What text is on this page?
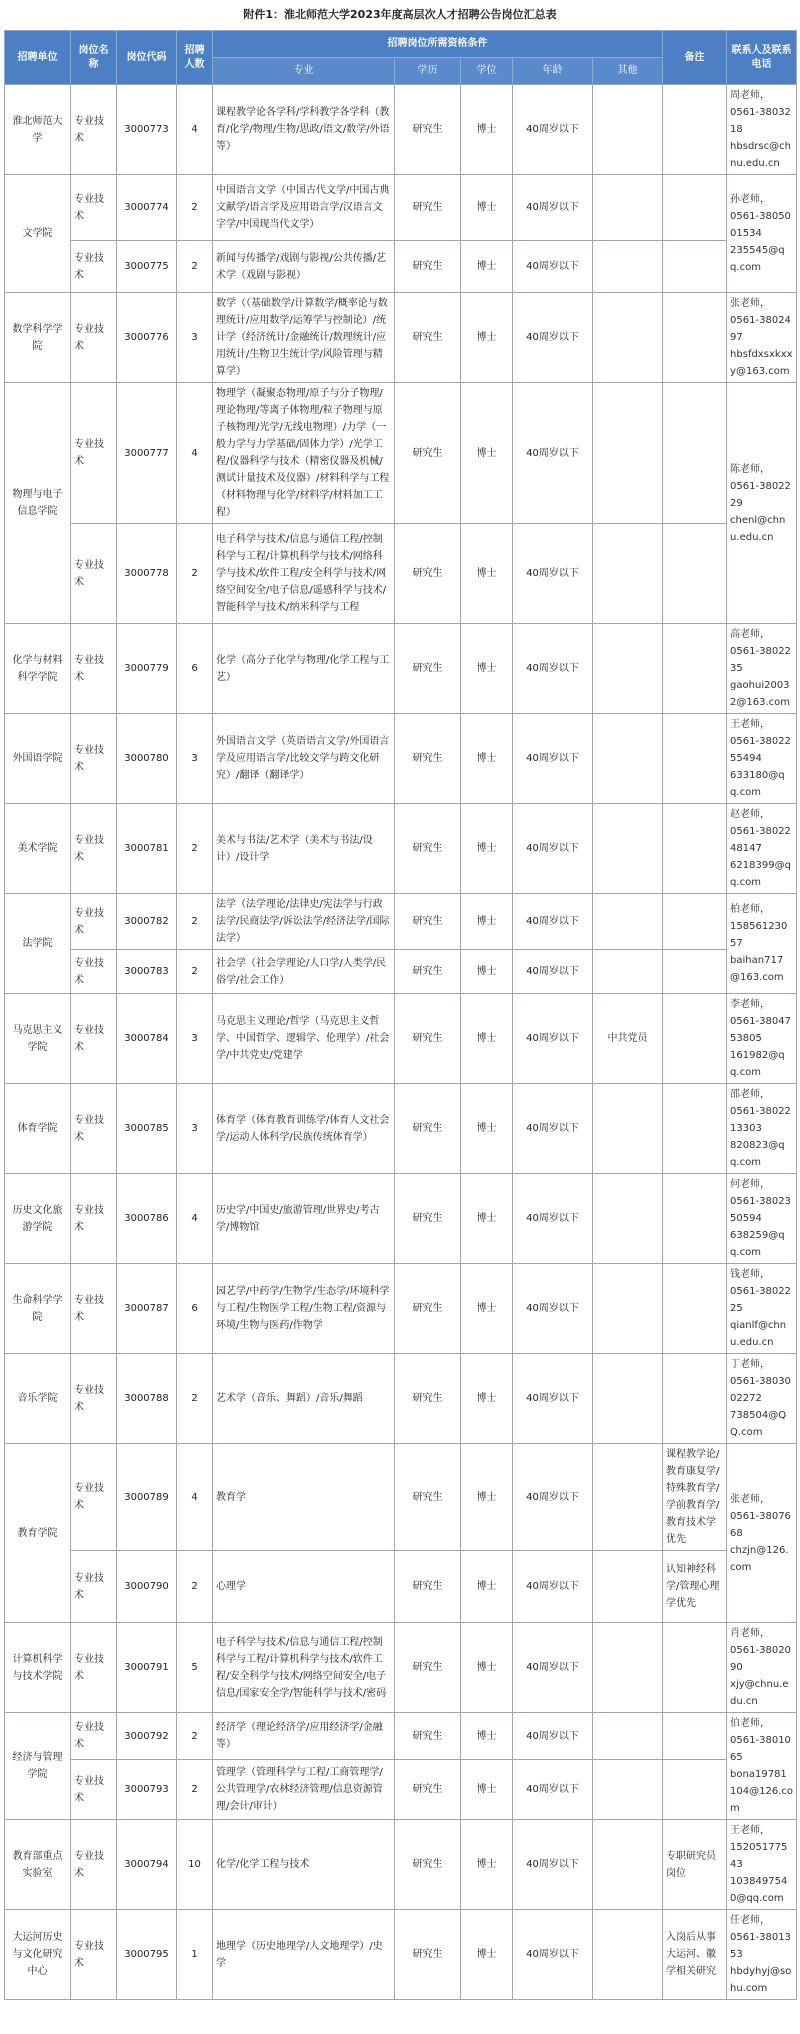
附件1：淮北师范大学2023年度高层次人才招聘公告岗位汇总表
招聘单位	岗位名称	岗位代码	招聘人数	招聘岗位所需资格条件					备注	联系人及联系电话
				专业	学历	学位	年龄	其他		
淮北师范大学	专业技术	3000773	4	课程教学论各学科/学科教学各学科（教育/化学/物理/生物/思政/语文/数学/外语等）	研究生	博士	40周岁以下			周老师，
0561-3803218
hbsdrsc@chnu.edu.cn

文学院	专业技术	3000774	2	中国语言文学（中国古代文学/中国古典文献学/语言学及应用语言学/汉语言文字学/中国现当代文学）	研究生	博士	40周岁以下			孙老师，
0561-3805001534
235545@qq.com

	专业技术	3000775	2	新闻与传播学/戏剧与影视/公共传播/艺术学（戏剧与影视）	研究生	博士	40周岁以下			
数学科学学院	专业技术	3000776	3	数学（（基础数学/计算数学/概率论与数理统计/应用数学/运筹学与控制论）/统计学（经济统计/金融统计/数理统计/应用统计/生物卫生统计学/风险管理与精算学）	研究生	博士	40周岁以下			张老师，
0561-3802497
hbsfdxsxkxxy@163.com

物理与电子信息学院	专业技术	3000777	4	物理学（凝聚态物理/原子与分子物理/理论物理/等离子体物理/粒子物理与原子核物理/光学/无线电物理）/力学（一般力学与力学基础/固体力学）/光学工程/仪器科学与技术（精密仪器及机械/测试计量技术及仪器）/材料科学与工程（材料物理与化学/材料学/材料加工工程）	研究生	博士	40周岁以下			陈老师，
0561-3802229
chenl@chnu.edu.cn

	专业技术	3000778	2	电子科学与技术/信息与通信工程/控制科学与工程/计算机科学与技术/网络科学与技术/软件工程/安全科学与技术/网络空间安全/电子信息/遥感科学与技术/智能科学与技术/纳米科学与工程	研究生	博士	40周岁以下			
化学与材料科学学院	专业技术	3000779	6	化学（高分子化学与物理/化学工程与工艺）	研究生	博士	40周岁以下			高老师，
0561-3802235
gaohui20032@163.com

外国语学院	专业技术	3000780	3	外国语言文学（英语语言文学/外国语言学及应用语言学/比较文学与跨文化研究）/翻译（翻译学）	研究生	博士	40周岁以下			王老师，
0561-3802255494
633180@qq.com

美术学院	专业技术	3000781	2	美术与书法/艺术学（美术与书法/设计）/设计学	研究生	博士	40周岁以下			赵老师，
0561-3802248147
6218399@qq.com

法学院	专业技术	3000782	2	法学（法学理论/法律史/宪法学与行政法学/民商法学/诉讼法学/经济法学/国际法学）	研究生	博士	40周岁以下			柏老师，
15856123057
baihan717@163.com

	专业技术	3000783	2	社会学（社会学理论/人口学/人类学/民俗学/社会工作）	研究生	博士	40周岁以下			
马克思主义学院	专业技术	3000784	3	马克思主义理论/哲学（马克思主义哲学、中国哲学、逻辑学、伦理学）/社会学/中共党史/党建学	研究生	博士	40周岁以下	中共党员		李老师，
0561-3804753805
161982@qq.com

体育学院	专业技术	3000785	3	体育学（体育教育训练学/体育人文社会学/运动人体科学/民族传统体育学）	研究生	博士	40周岁以下			邵老师，
0561-3802213303
820823@qq.com

历史文化旅游学院	专业技术	3000786	4	历史学/中国史/旅游管理/世界史/考古学/博物馆	研究生	博士	40周岁以下			何老师，
0561-3802350594
638259@qq.com

生命科学学院	专业技术	3000787	6	园艺学/中药学/生物学/生态学/环境科学与工程/生物医学工程/生物工程/资源与环境/生物与医药/作物学	研究生	博士	40周岁以下			钱老师，
0561-3802225
qianlf@chnu.edu.cn

音乐学院	专业技术	3000788	2	艺术学（音乐、舞蹈）/音乐/舞蹈	研究生	博士	40周岁以下			丁老师，
0561-3803002272
738504@QQ.com

教育学院	专业技术	3000789	4	教育学	研究生	博士	40周岁以下		课程教学论/教育康复学/特殊教育学/学前教育学/教育技术学优先	张老师，
0561-3807668
chzjn@126.com

	专业技术	3000790	2	心理学	研究生	博士	40周岁以下		认知神经科学/管理心理学优先	
计算机科学与技术学院	专业技术	3000791	5	电子科学与技术/信息与通信工程/控制科学与工程/计算机科学与技术/软件工程/安全科学与技术/网络空间安全/电子信息/国家安全学/智能科学与技术/密码	研究生	博士	40周岁以下			肖老师，
0561-3802090
xjy@chnu.edu.cn

经济与管理学院	专业技术	3000792	2	经济学（理论经济学/应用经济学/金融等）	研究生	博士	40周岁以下			伯老师，
0561-3801065
bona19781104@126.com

	专业技术	3000793	2	管理学（管理科学与工程/工商管理学/公共管理学/农林经济管理/信息资源管理/会计/审计）	研究生	博士	40周岁以下			
教育部重点实验室	专业技术	3000794	10	化学/化学工程与技术	研究生	博士	40周岁以下		专职研究员岗位	王老师，
15205177543
1038497540@qq.com

大运河历史与文化研究中心	专业技术	3000795	1	地理学（历史地理学/人文地理学）/史学	研究生	博士	40周岁以下		入岗后从事大运河、徽学相关研究	任老师，
0561-3801353
hbdyhyj@sohu.com
